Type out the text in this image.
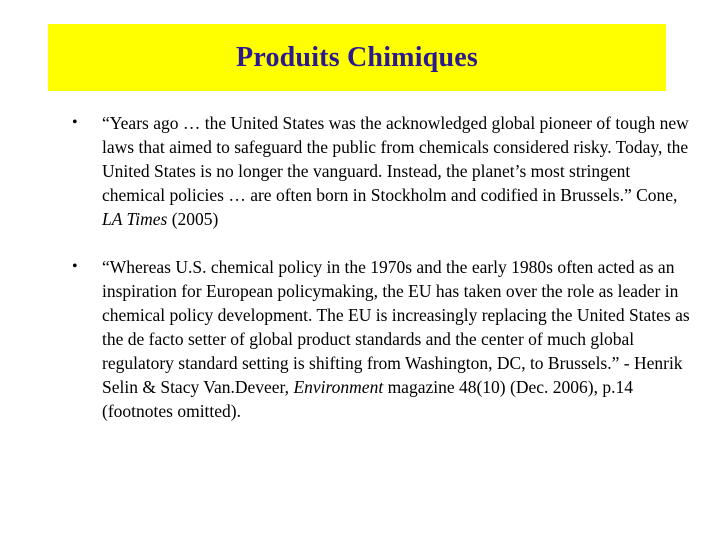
Produits Chimiques
•	“Years ago … the United States was the acknowledged global pioneer of tough new laws that aimed to safeguard the public from chemicals considered risky. Today, the United States is no longer the vanguard. Instead, the planet’s most stringent chemical policies … are often born in Stockholm and codified in Brussels.” Cone, LA Times (2005)
•	“Whereas U.S. chemical policy in the 1970s and the early 1980s often acted as an inspiration for European policymaking, the EU has taken over the role as leader in chemical policy development. The EU is increasingly replacing the United States as the de facto setter of global product standards and the center of much global regulatory standard setting is shifting from Washington, DC, to Brussels.” - Henrik Selin & Stacy Van.Deveer, Environment magazine 48(10) (Dec. 2006), p.14 (footnotes omitted).
